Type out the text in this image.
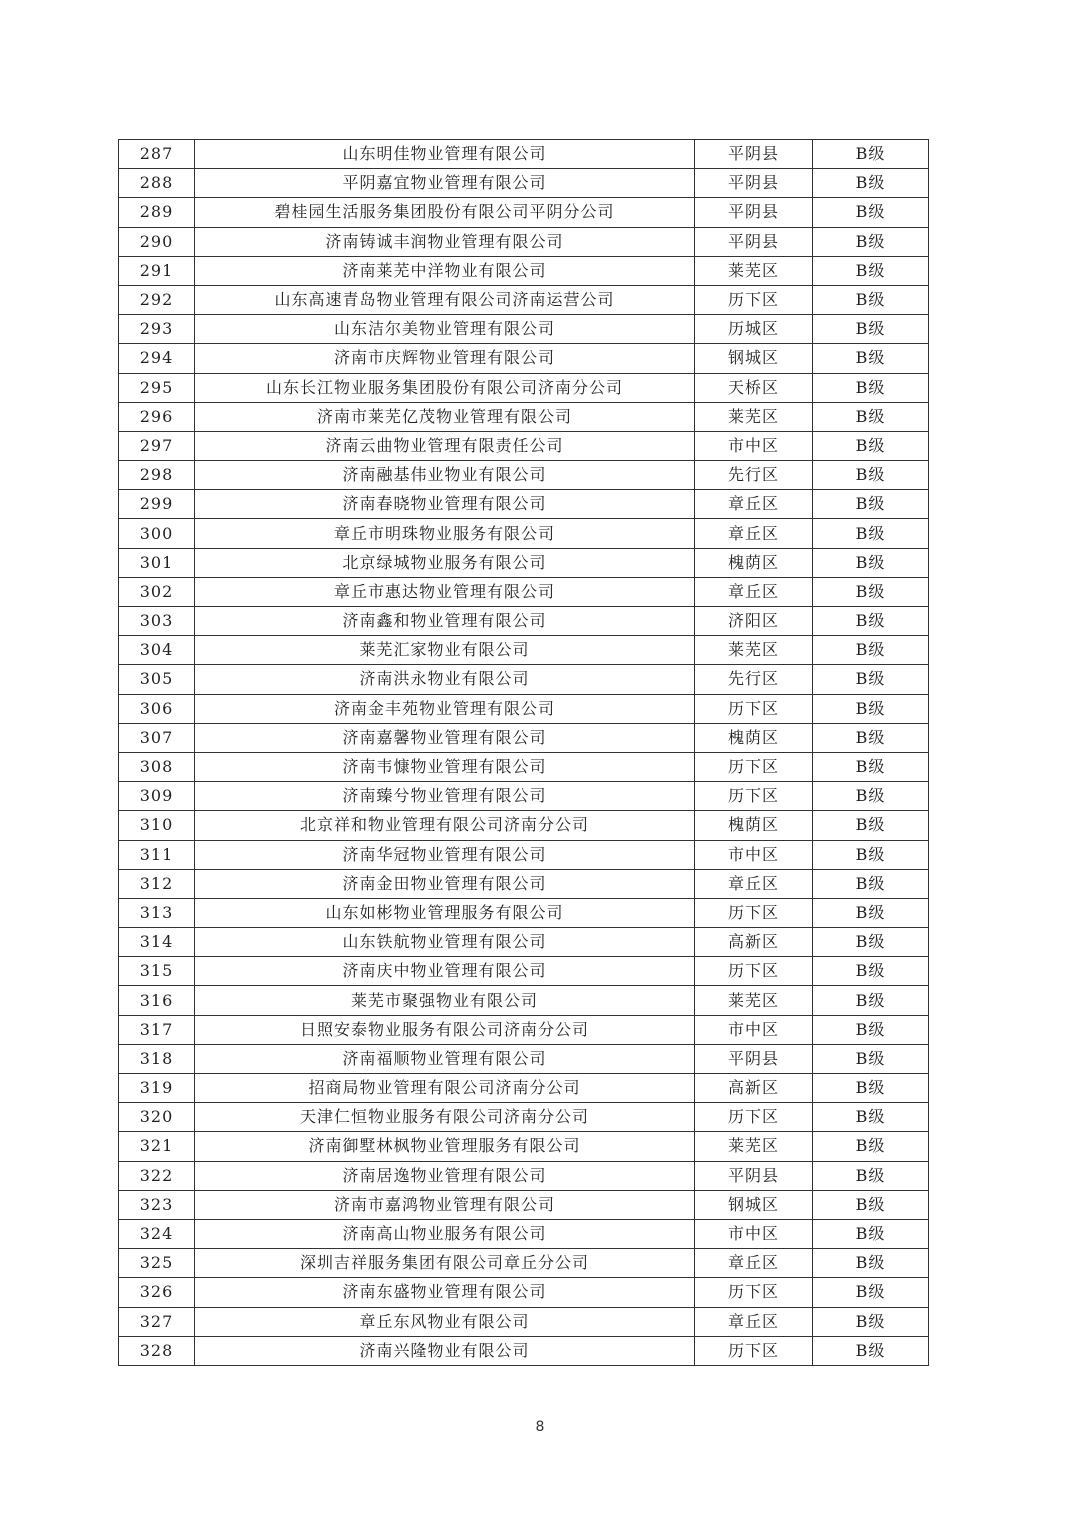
287	山东明佳物业管理有限公司	平阴县	B级
288	平阴嘉宜物业管理有限公司	平阴县	B级
289	碧桂园生活服务集团股份有限公司平阴分公司	平阴县	B级
290	济南铸诚丰润物业管理有限公司	平阴县	B级
291	济南莱芜中洋物业有限公司	莱芜区	B级
292	山东高速青岛物业管理有限公司济南运营公司	历下区	B级
293	山东洁尔美物业管理有限公司	历城区	B级
294	济南市庆辉物业管理有限公司	钢城区	B级
295	山东长江物业服务集团股份有限公司济南分公司	天桥区	B级
296	济南市莱芜亿茂物业管理有限公司	莱芜区	B级
297	济南云曲物业管理有限责任公司	市中区	B级
298	济南融基伟业物业有限公司	先行区	B级
299	济南春晓物业管理有限公司	章丘区	B级
300	章丘市明珠物业服务有限公司	章丘区	B级
301	北京绿城物业服务有限公司	槐荫区	B级
302	章丘市惠达物业管理有限公司	章丘区	B级
303	济南鑫和物业管理有限公司	济阳区	B级
304	莱芜汇家物业有限公司	莱芜区	B级
305	济南洪永物业有限公司	先行区	B级
306	济南金丰苑物业管理有限公司	历下区	B级
307	济南嘉馨物业管理有限公司	槐荫区	B级
308	济南韦慷物业管理有限公司	历下区	B级
309	济南臻兮物业管理有限公司	历下区	B级
310	北京祥和物业管理有限公司济南分公司	槐荫区	B级
311	济南华冠物业管理有限公司	市中区	B级
312	济南金田物业管理有限公司	章丘区	B级
313	山东如彬物业管理服务有限公司	历下区	B级
314	山东铁航物业管理有限公司	高新区	B级
315	济南庆中物业管理有限公司	历下区	B级
316	莱芜市聚强物业有限公司	莱芜区	B级
317	日照安泰物业服务有限公司济南分公司	市中区	B级
318	济南福顺物业管理有限公司	平阴县	B级
319	招商局物业管理有限公司济南分公司	高新区	B级
320	天津仁恒物业服务有限公司济南分公司	历下区	B级
321	济南御墅林枫物业管理服务有限公司	莱芜区	B级
322	济南居逸物业管理有限公司	平阴县	B级
323	济南市嘉鸿物业管理有限公司	钢城区	B级
324	济南高山物业服务有限公司	市中区	B级
325	深圳吉祥服务集团有限公司章丘分公司	章丘区	B级
326	济南东盛物业管理有限公司	历下区	B级
327	章丘东风物业有限公司	章丘区	B级
328	济南兴隆物业有限公司	历下区	B级
8
